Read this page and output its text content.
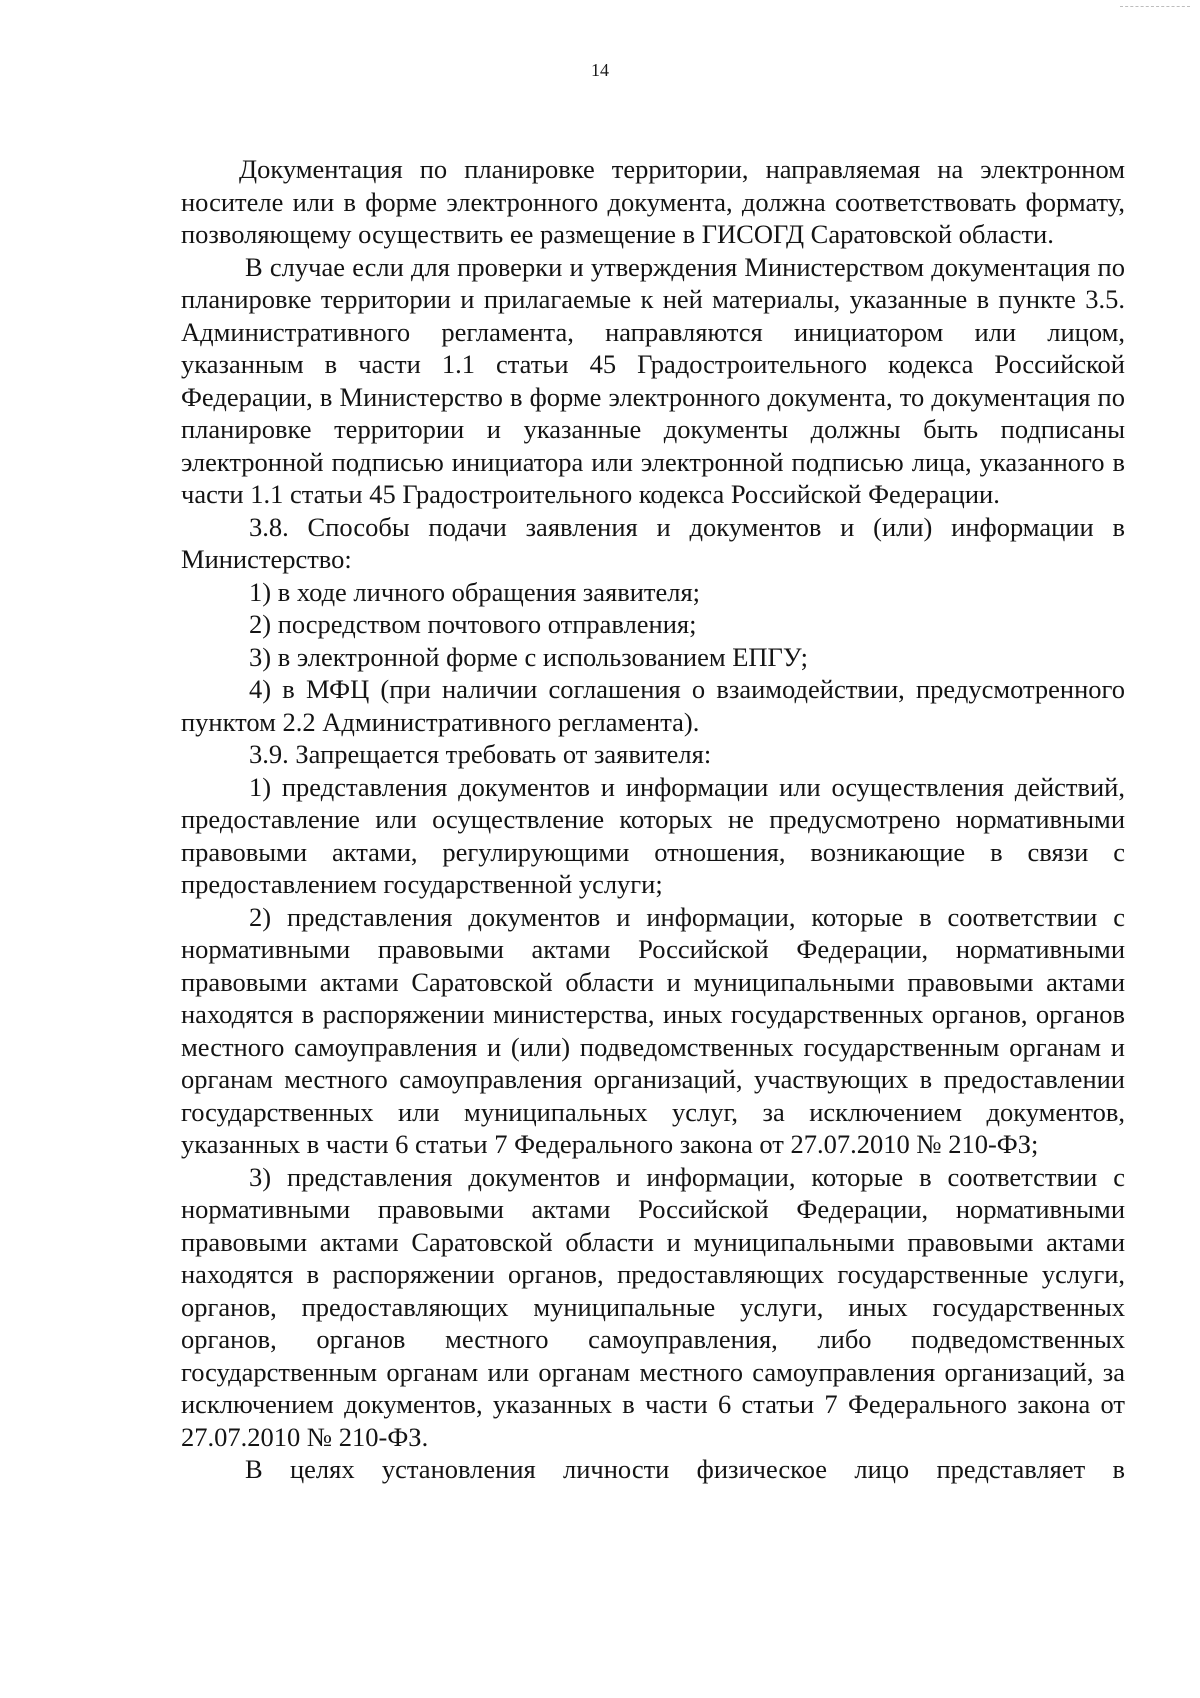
14

Документация по планировке территории, направляемая на электронном носителе или в форме электронного документа, должна соответствовать формату, позволяющему осуществить ее размещение в ГИСОГД Саратовской области.

В случае если для проверки и утверждения Министерством документация по планировке территории и прилагаемые к ней материалы, указанные в пункте 3.5. Административного регламента, направляются инициатором или лицом, указанным в части 1.1 статьи 45 Градостроительного кодекса Российской Федерации, в Министерство в форме электронного документа, то документация по планировке территории и указанные документы должны быть подписаны электронной подписью инициатора или электронной подписью лица, указанного в части 1.1 статьи 45 Градостроительного кодекса Российской Федерации.

3.8. Способы подачи заявления и документов и (или) информации в Министерство:

1) в ходе личного обращения заявителя;

2) посредством почтового отправления;

3) в электронной форме с использованием ЕПГУ;

4) в МФЦ (при наличии соглашения о взаимодействии, предусмотренного пунктом 2.2 Административного регламента).

3.9. Запрещается требовать от заявителя:

1) представления документов и информации или осуществления действий, предоставление или осуществление которых не предусмотрено нормативными правовыми актами, регулирующими отношения, возникающие в связи с предоставлением государственной услуги;

2) представления документов и информации, которые в соответствии с нормативными правовыми актами Российской Федерации, нормативными правовыми актами Саратовской области и муниципальными правовыми актами находятся в распоряжении министерства, иных государственных органов, органов местного самоуправления и (или) подведомственных государственным органам и органам местного самоуправления организаций, участвующих в предоставлении государственных или муниципальных услуг, за исключением документов, указанных в части 6 статьи 7 Федерального закона от 27.07.2010 № 210-ФЗ;

3) представления документов и информации, которые в соответствии с нормативными правовыми актами Российской Федерации, нормативными правовыми актами Саратовской области и муниципальными правовыми актами находятся в распоряжении органов, предоставляющих государственные услуги, органов, предоставляющих муниципальные услуги, иных государственных органов, органов местного самоуправления, либо подведомственных государственным органам или органам местного самоуправления организаций, за исключением документов, указанных в части 6 статьи 7 Федерального закона от 27.07.2010 № 210-ФЗ.

В целях установления личности физическое лицо представляет в
